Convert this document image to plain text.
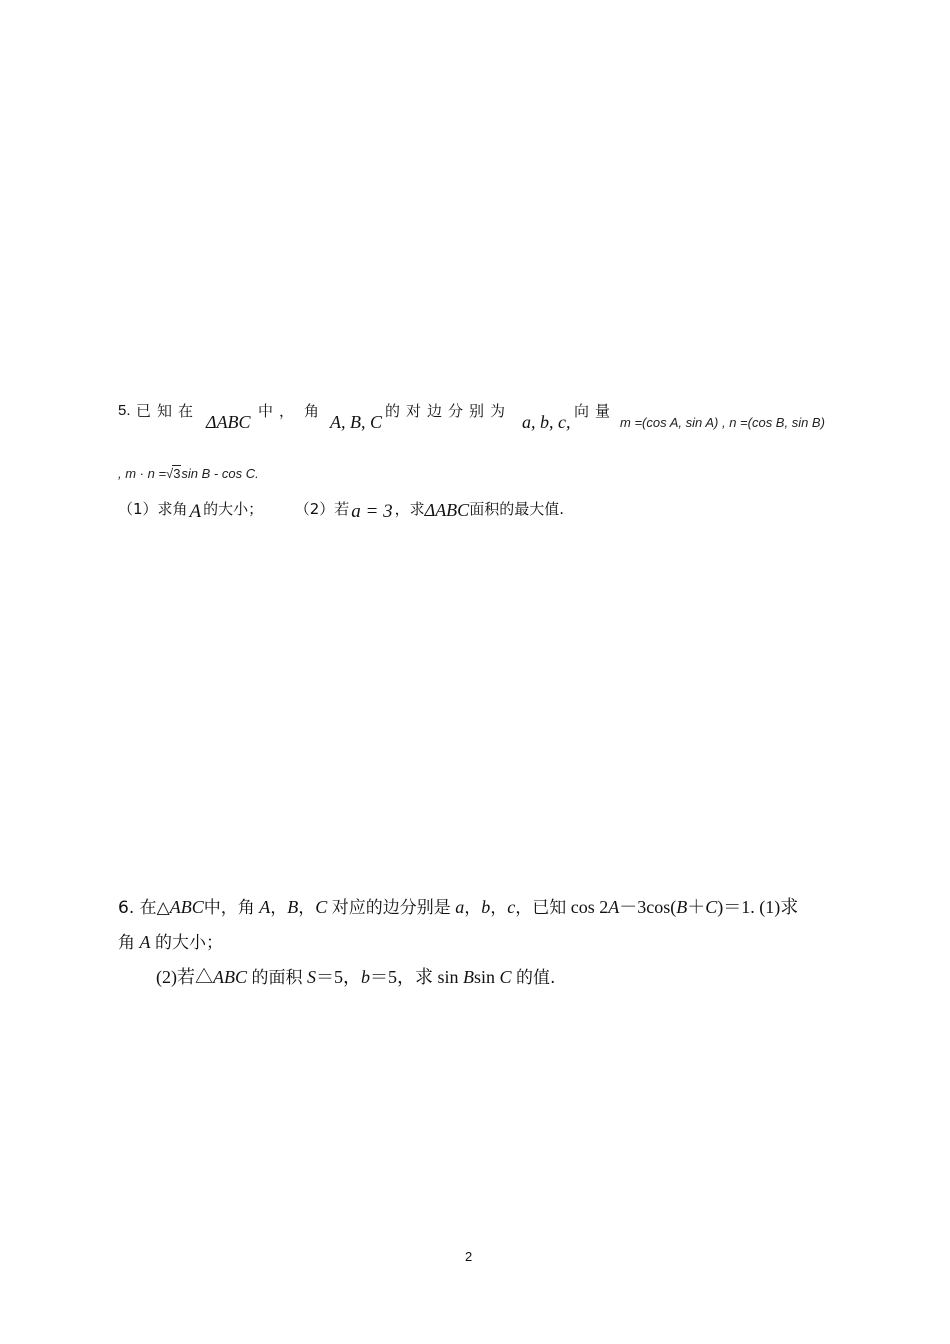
5. 已知在
ΔABC
中， 角
A, B, C
的对边分别为
a, b, c,
向量
m =(cos A, sin A) , n =(cos B, sin B)
, m · n =√3sin B - cos C.
（1）求角 A 的大小； （2）若 a = 3 ，求ΔABC面积的最大值.
6. 在△ABC中，角 A，B，C 对应的边分别是 a，b，c，已知 cos 2A－3cos(B＋C)＝1. (1)求
角 A 的大小；
(2)若△ABC 的面积 S＝5，b＝5，求 sin Bsin C 的值.
2
